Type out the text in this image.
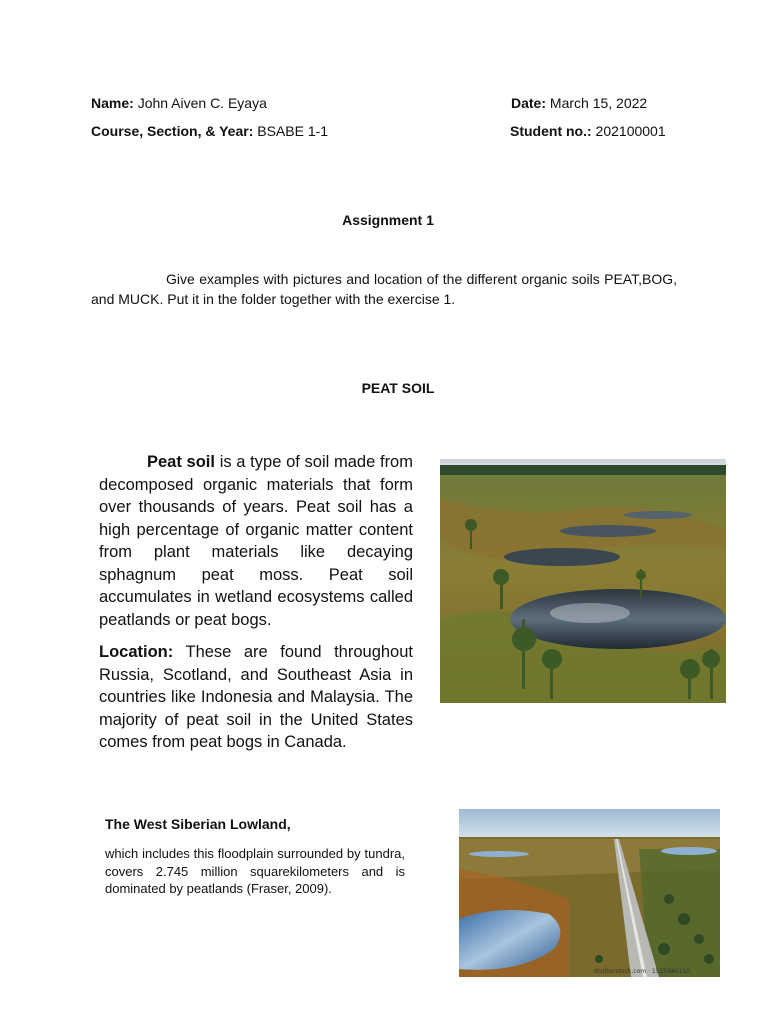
Name: John Aiven C. Eyaya	Date: March 15, 2022
Course, Section, & Year: BSABE 1-1	Student no.: 202100001
Assignment 1
Give examples with pictures and location of the different organic soils PEAT,BOG, and MUCK. Put it in the folder together with the exercise 1.
PEAT SOIL
Peat soil is a type of soil made from decomposed organic materials that form over thousands of years. Peat soil has a high percentage of organic matter content from plant materials like decaying sphagnum peat moss. Peat soil accumulates in wetland ecosystems called peatlands or peat bogs.
Location: These are found throughout Russia, Scotland, and Southeast Asia in countries like Indonesia and Malaysia. The majority of peat soil in the United States comes from peat bogs in Canada.
The West Siberian Lowland,
which includes this floodplain surrounded by tundra, covers 2.745 million squarekilometers and is dominated by peatlands (Fraser, 2009).
shutterstock.com · 1525680110
